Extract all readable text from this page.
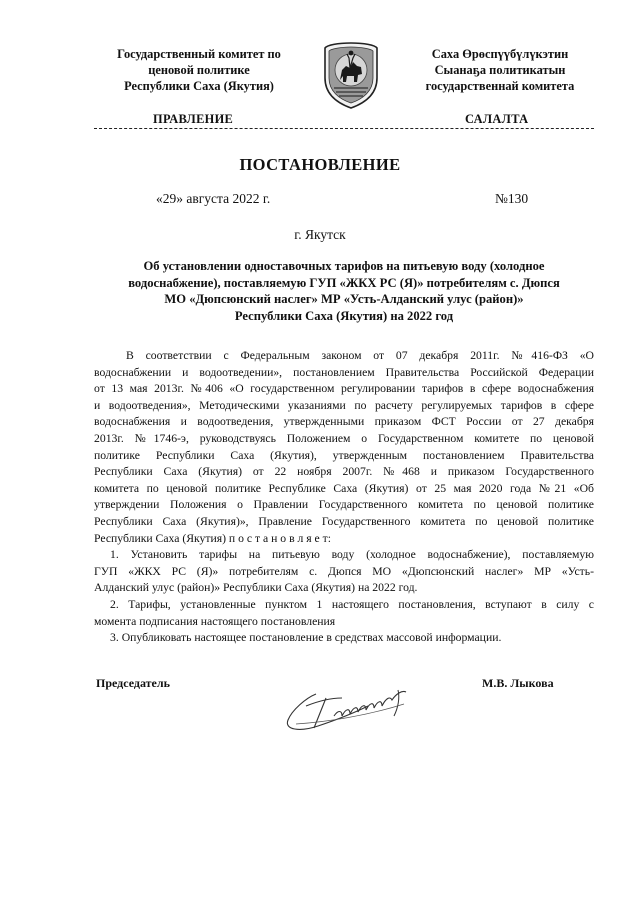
Государственный комитет по
ценовой политике
Республики Саха (Якутия)
Саха Өрөспүүбүлүкэтин
Сыанаҕа политикатын
государственнай комитета
ПРАВЛЕНИЕ	САЛАЛТА
ПОСТАНОВЛЕНИЕ
«29» августа 2022 г.	№130
г. Якутск
Об установлении одноставочных тарифов на питьевую воду (холодное
водоснабжение), поставляемую ГУП «ЖКХ РС (Я)» потребителям с. Дюпся
МО «Дюпсюнский наслег» МР «Усть-Алданский улус (район)»
Республики Саха (Якутия) на 2022 год
В соответствии с Федеральным законом от 07 декабря 2011г. №416-ФЗ «О
водоснабжении и водоотведении», постановлением Правительства Российской Федерации
от 13 мая 2013г. №406 «О государственном регулировании тарифов в сфере водоснабжения
и водоотведения», Методическими указаниями по расчету регулируемых тарифов в сфере
водоснабжения и водоотведения, утвержденными приказом ФСТ России от 27 декабря
2013г. №1746-э, руководствуясь Положением о Государственном комитете по ценовой
политике Республики Саха (Якутия), утвержденным постановлением Правительства
Республики Саха (Якутия) от 22 ноября 2007г. №468 и приказом Государственного
комитета по ценовой политике Республике Саха (Якутия) от 25 мая 2020 года №21 «Об
утверждении Положения о Правлении Государственного комитета по ценовой политике
Республики Саха (Якутия)», Правление Государственного комитета по ценовой политике
Республики Саха (Якутия) п о с т а н о в л я е т:
1. Установить тарифы на питьевую воду (холодное водоснабжение), поставляемую
ГУП «ЖКХ РС (Я)» потребителям с. Дюпся МО «Дюпсюнский наслег» МР «Усть-
Алданский улус (район)» Республики Саха (Якутия) на 2022 год.
2. Тарифы, установленные пунктом 1 настоящего постановления, вступают в силу с
момента подписания настоящего постановления
3. Опубликовать настоящее постановление в средствах массовой информации.
Председатель	М.В. Лыкова
